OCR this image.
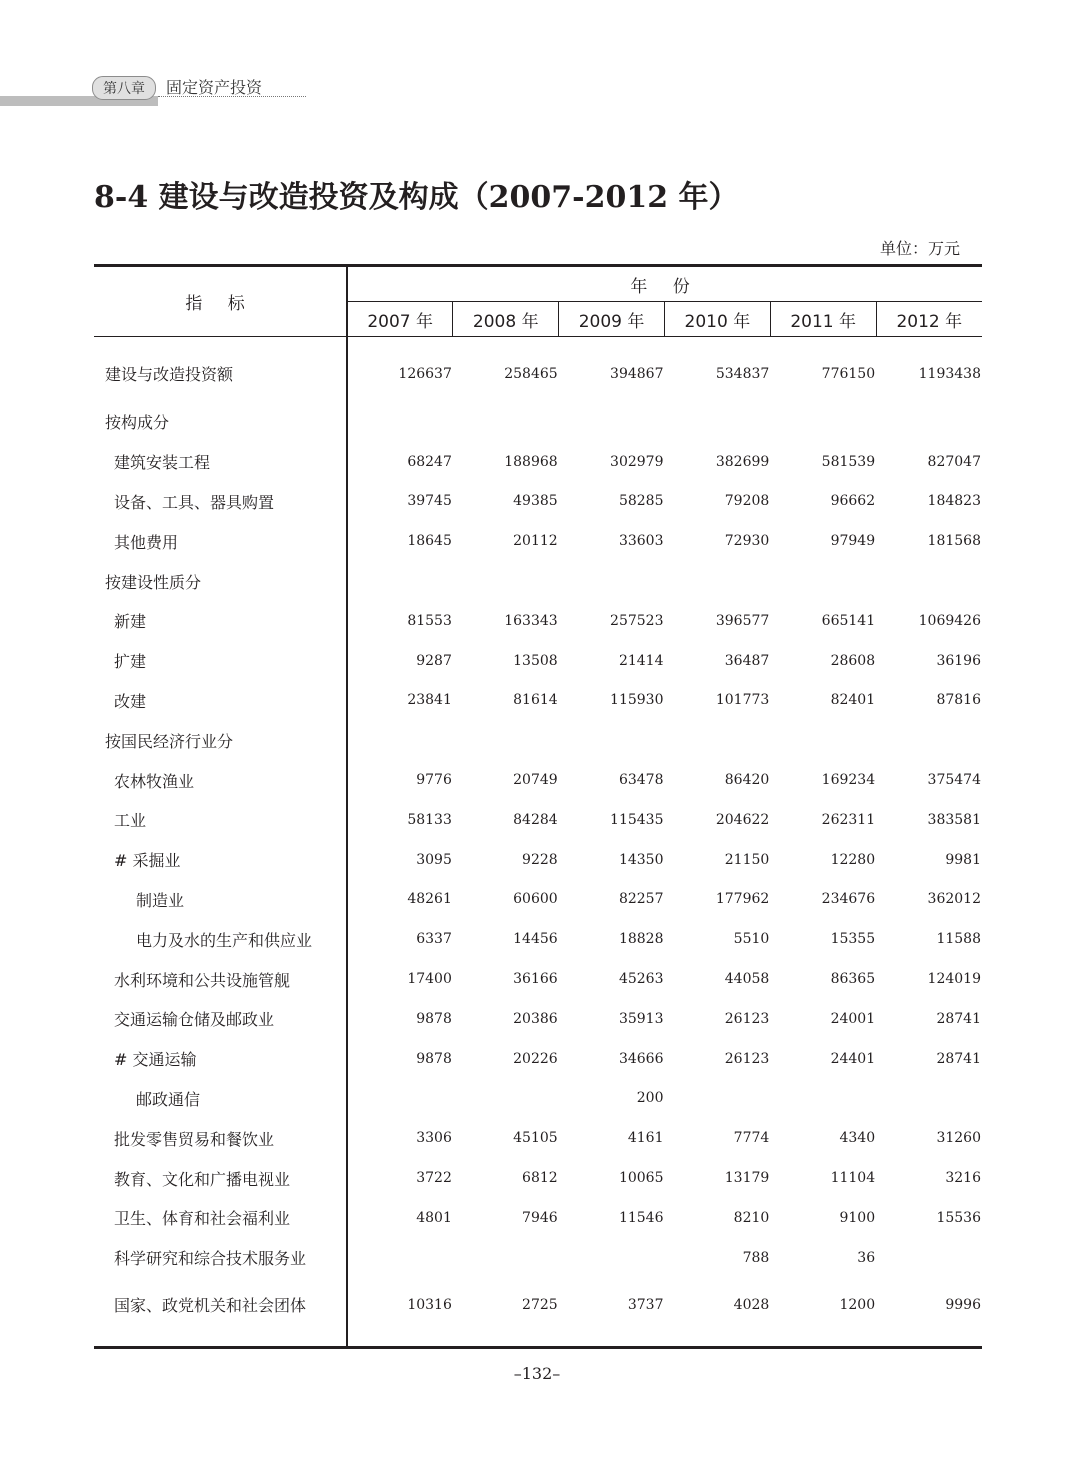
第八章	固定资产投资
8-4 建设与改造投资及构成（2007-2012 年）
单位：万元
指 标	年 份					
	2007 年	2008 年	2009 年	2010 年	2011 年	2012 年
建设与改造投资额	126637	258465	394867	534837	776150	1193438
按构成分						
建筑安装工程	68247	188968	302979	382699	581539	827047
设备、工具、器具购置	39745	49385	58285	79208	96662	184823
其他费用	18645	20112	33603	72930	97949	181568
按建设性质分						
新建	81553	163343	257523	396577	665141	1069426
扩建	9287	13508	21414	36487	28608	36196
改建	23841	81614	115930	101773	82401	87816
按国民经济行业分						
农林牧渔业	9776	20749	63478	86420	169234	375474
工业	58133	84284	115435	204622	262311	383581
# 采掘业	3095	9228	14350	21150	12280	9981
制造业	48261	60600	82257	177962	234676	362012
电力及水的生产和供应业	6337	14456	18828	5510	15355	11588
水利环境和公共设施管舰	17400	36166	45263	44058	86365	124019
交通运输仓储及邮政业	9878	20386	35913	26123	24001	28741
# 交通运输	9878	20226	34666	26123	24401	28741
邮政通信			200			
批发零售贸易和餐饮业	3306	45105	4161	7774	4340	31260
教育、文化和广播电视业	3722	6812	10065	13179	11104	3216
卫生、体育和社会福利业	4801	7946	11546	8210	9100	15536
科学研究和综合技术服务业				788	36	
国家、政党机关和社会团体	10316	2725	3737	4028	1200	9996
–132–
